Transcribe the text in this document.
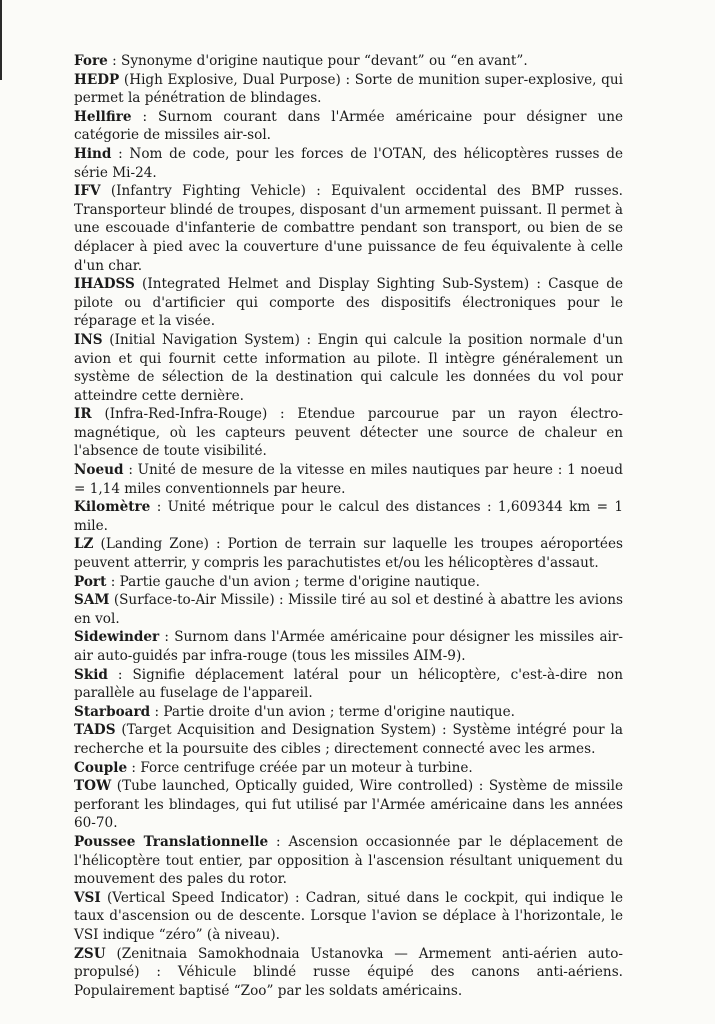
Fore : Synonyme d'origine nautique pour “devant” ou “en avant”.

HEDP (High Explosive, Dual Purpose) : Sorte de munition super-explosive, qui permet la pénétration de blindages.

Hellfire : Surnom courant dans l'Armée américaine pour désigner une catégorie de missiles air-sol.

Hind : Nom de code, pour les forces de l'OTAN, des hélicoptères russes de série Mi-24.

IFV (Infantry Fighting Vehicle) : Equivalent occidental des BMP russes. Transporteur blindé de troupes, disposant d'un armement puissant. Il permet à une escouade d'infanterie de combattre pendant son transport, ou bien de se déplacer à pied avec la couverture d'une puissance de feu équivalente à celle d'un char.

IHADSS (Integrated Helmet and Display Sighting Sub-System) : Casque de pilote ou d'artificier qui comporte des dispositifs électroniques pour le réparage et la visée.

INS (Initial Navigation System) : Engin qui calcule la position normale d'un avion et qui fournit cette information au pilote. Il intègre généralement un système de sélection de la destination qui calcule les données du vol pour atteindre cette dernière.

IR (Infra-Red-Infra-Rouge) : Etendue parcourue par un rayon électro-magnétique, où les capteurs peuvent détecter une source de chaleur en l'absence de toute visibilité.

Noeud : Unité de mesure de la vitesse en miles nautiques par heure : 1 noeud = 1,14 miles conventionnels par heure.

Kilomètre : Unité métrique pour le calcul des distances : 1,609344 km = 1 mile.

LZ (Landing Zone) : Portion de terrain sur laquelle les troupes aéroportées peuvent atterrir, y compris les parachutistes et/ou les hélicoptères d'assaut.

Port : Partie gauche d'un avion ; terme d'origine nautique.

SAM (Surface-to-Air Missile) : Missile tiré au sol et destiné à abattre les avions en vol.

Sidewinder : Surnom dans l'Armée américaine pour désigner les missiles air-air auto-guidés par infra-rouge (tous les missiles AIM-9).

Skid : Signifie déplacement latéral pour un hélicoptère, c'est-à-dire non parallèle au fuselage de l'appareil.

Starboard : Partie droite d'un avion ; terme d'origine nautique.

TADS (Target Acquisition and Designation System) : Système intégré pour la recherche et la poursuite des cibles ; directement connecté avec les armes.

Couple : Force centrifuge créée par un moteur à turbine.

TOW (Tube launched, Optically guided, Wire controlled) : Système de missile perforant les blindages, qui fut utilisé par l'Armée américaine dans les années 60-70.

Poussee Translationnelle : Ascension occasionnée par le déplacement de l'hélicoptère tout entier, par opposition à l'ascension résultant uniquement du mouvement des pales du rotor.

VSI (Vertical Speed Indicator) : Cadran, situé dans le cockpit, qui indique le taux d'ascension ou de descente. Lorsque l'avion se déplace à l'horizontale, le VSI indique “zéro” (à niveau).

ZSU (Zenitnaia Samokhodnaia Ustanovka — Armement anti-aérien auto-propulsé) : Véhicule blindé russe équipé des canons anti-aériens. Populairement baptisé “Zoo” par les soldats américains.
